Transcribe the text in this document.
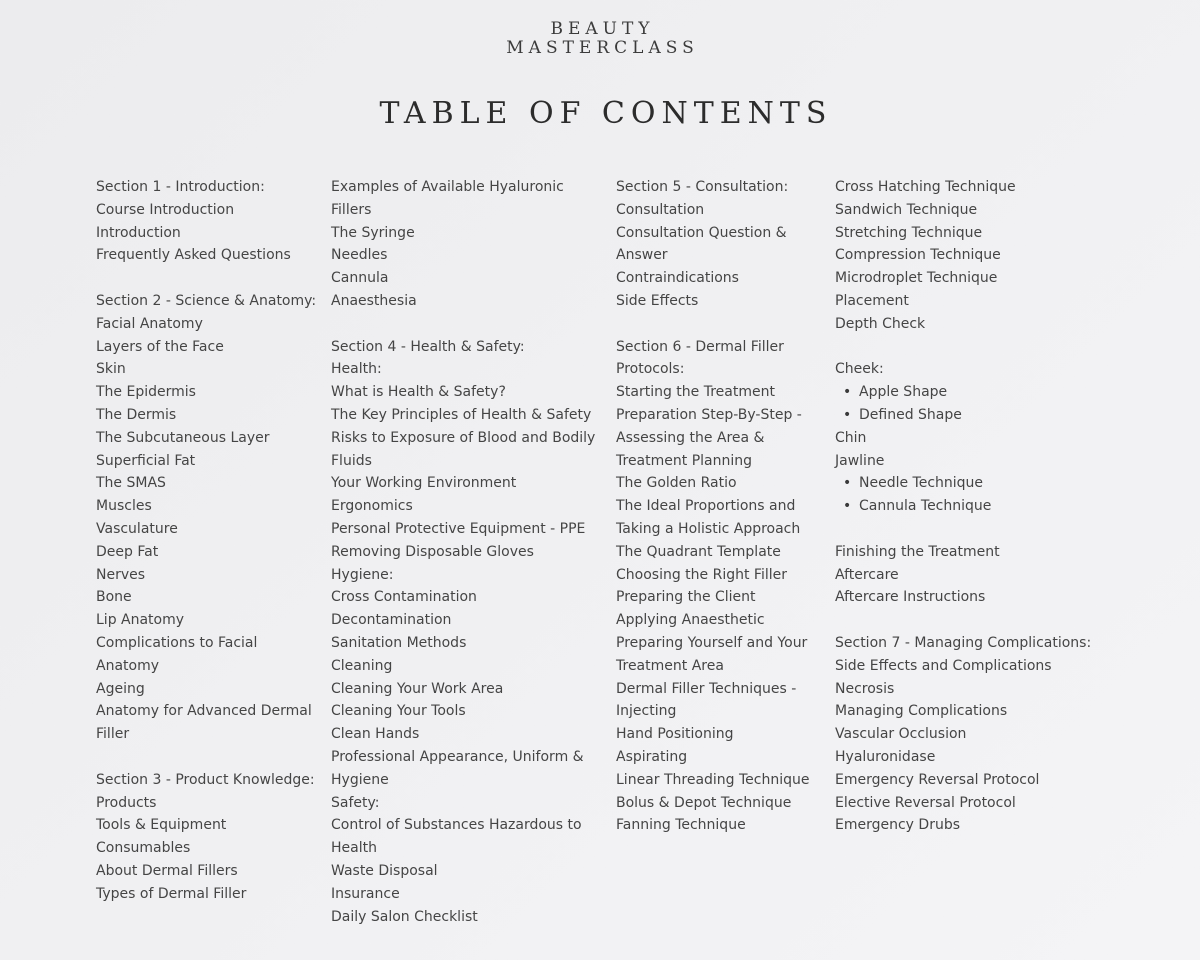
BEAUTY
MASTERCLASS
TABLE OF CONTENTS
Section 1 - Introduction:
Course Introduction
Introduction
Frequently Asked Questions
Section 2 - Science & Anatomy:
Facial Anatomy
Layers of the Face
Skin
The Epidermis
The Dermis
The Subcutaneous Layer
Superficial Fat
The SMAS
Muscles
Vasculature
Deep Fat
Nerves
Bone
Lip Anatomy
Complications to Facial
Anatomy
Ageing
Anatomy for Advanced Dermal
Filler
Section 3 - Product Knowledge:
Products
Tools & Equipment
Consumables
About Dermal Fillers
Types of Dermal Filler
Examples of Available Hyaluronic
Fillers
The Syringe
Needles
Cannula
Anaesthesia
Section 4 - Health & Safety:
Health:
What is Health & Safety?
The Key Principles of Health & Safety
Risks to Exposure of Blood and Bodily
Fluids
Your Working Environment
Ergonomics
Personal Protective Equipment - PPE
Removing Disposable Gloves
Hygiene:
Cross Contamination
Decontamination
Sanitation Methods
Cleaning
Cleaning Your Work Area
Cleaning Your Tools
Clean Hands
Professional Appearance, Uniform &
Hygiene
Safety:
Control of Substances Hazardous to
Health
Waste Disposal
Insurance
Daily Salon Checklist
Section 5 - Consultation:
Consultation
Consultation Question &
Answer
Contraindications
Side Effects
Section 6 - Dermal Filler
Protocols:
Starting the Treatment
Preparation Step-By-Step -
Assessing the Area &
Treatment Planning
The Golden Ratio
The Ideal Proportions and
Taking a Holistic Approach
The Quadrant Template
Choosing the Right Filler
Preparing the Client
Applying Anaesthetic
Preparing Yourself and Your
Treatment Area
Dermal Filler Techniques -
Injecting
Hand Positioning
Aspirating
Linear Threading Technique
Bolus & Depot Technique
Fanning Technique
Cross Hatching Technique
Sandwich Technique
Stretching Technique
Compression Technique
Microdroplet Technique
Placement
Depth Check
Cheek:
• Apple Shape
• Defined Shape
Chin
Jawline
• Needle Technique
• Cannula Technique
Finishing the Treatment
Aftercare
Aftercare Instructions
Section 7 - Managing Complications:
Side Effects and Complications
Necrosis
Managing Complications
Vascular Occlusion
Hyaluronidase
Emergency Reversal Protocol
Elective Reversal Protocol
Emergency Drubs
